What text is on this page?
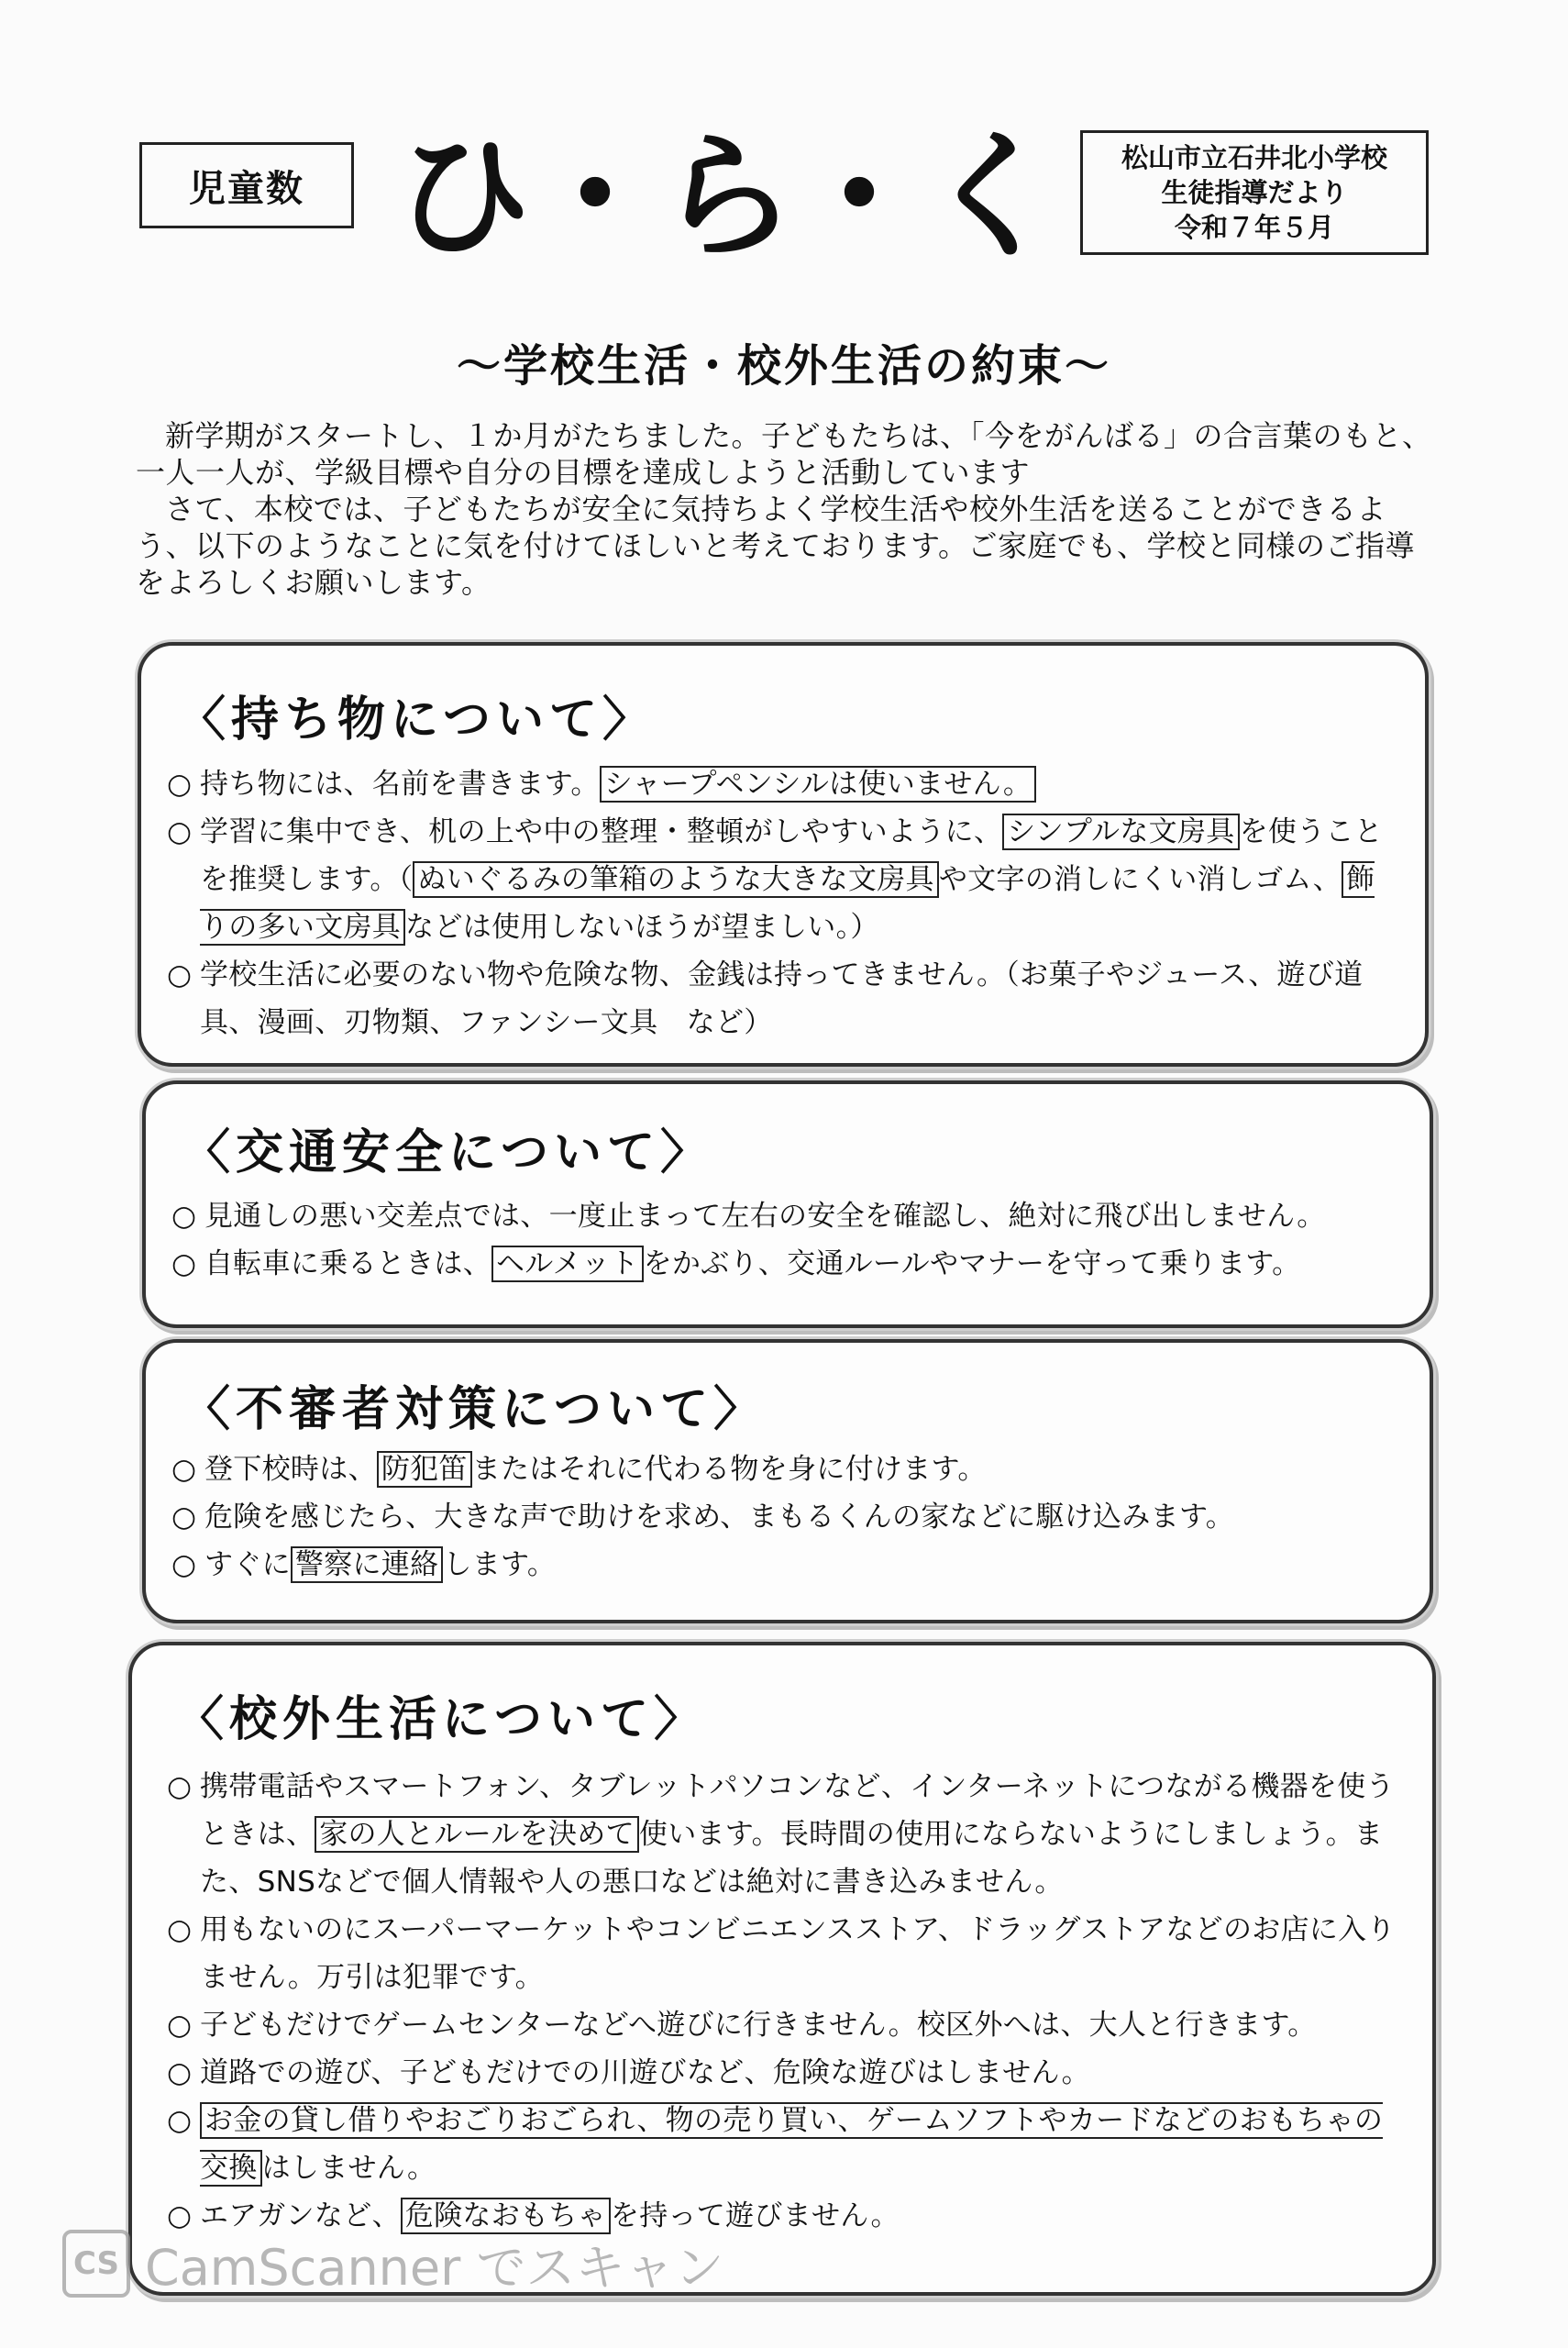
児童数 ひ・ら・く	松山市立石井北小学校
生徒指導だより
令和７年５月
～学校生活・校外生活の約束～

新学期がスタートし、１か月がたちました。子どもたちは、「今をがんばる」の合言葉のもと、一人一人が、学級目標や自分の目標を達成しようと活動しています

さて、本校では、子どもたちが安全に気持ちよく学校生活や校外生活を送ることができるよう、以下のようなことに気を付けてほしいと考えております。ご家庭でも、学校と同様のご指導をよろしくお願いします。

〈持ち物について〉
○ 持ち物には、名前を書きます。 シャープペンシルは使いません。
○ 学習に集中でき、机の上や中の整理・整頓がしやすいように、 シンプルな文房具 を使うことを推奨します。（ ぬいぐるみの筆箱のような大きな文房具 や文字の消しにくい消しゴム、 飾りの多い文房具 などは使用しないほうが望ましい。）
○ 学校生活に必要のない物や危険な物、金銭は持ってきません。（お菓子やジュース、遊び道具、漫画、刃物類、ファンシー文具　など）
〈交通安全について〉
○ 見通しの悪い交差点では、一度止まって左右の安全を確認し、絶対に飛び出しません。
○ 自転車に乗るときは、 ヘルメット をかぶり、交通ルールやマナーを守って乗ります。
〈不審者対策について〉
○ 登下校時は、 防犯笛 またはそれに代わる物を身に付けます。
○ 危険を感じたら、大きな声で助けを求め、まもるくんの家などに駆け込みます。
○ すぐに 警察に連絡 します。
〈校外生活について〉
○ 携帯電話やスマートフォン、タブレットパソコンなど、インターネットにつながる機器を使うときは、 家の人とルールを決めて 使います。長時間の使用にならないようにしましょう。また、SNSなどで個人情報や人の悪口などは絶対に書き込みません。
○ 用もないのにスーパーマーケットやコンビニエンスストア、ドラッグストアなどのお店に入りません。万引は犯罪です。
○ 子どもだけでゲームセンターなどへ遊びに行きません。校区外へは、大人と行きます。
○ 道路での遊び、子どもだけでの川遊びなど、危険な遊びはしません。
○ お金の貸し借りやおごりおごられ、物の売り買い、ゲームソフトやカードなどのおもちゃの交換 はしません。
○ エアガンなど、 危険なおもちゃ を持って遊びません。
CS CamScanner でスキャン
